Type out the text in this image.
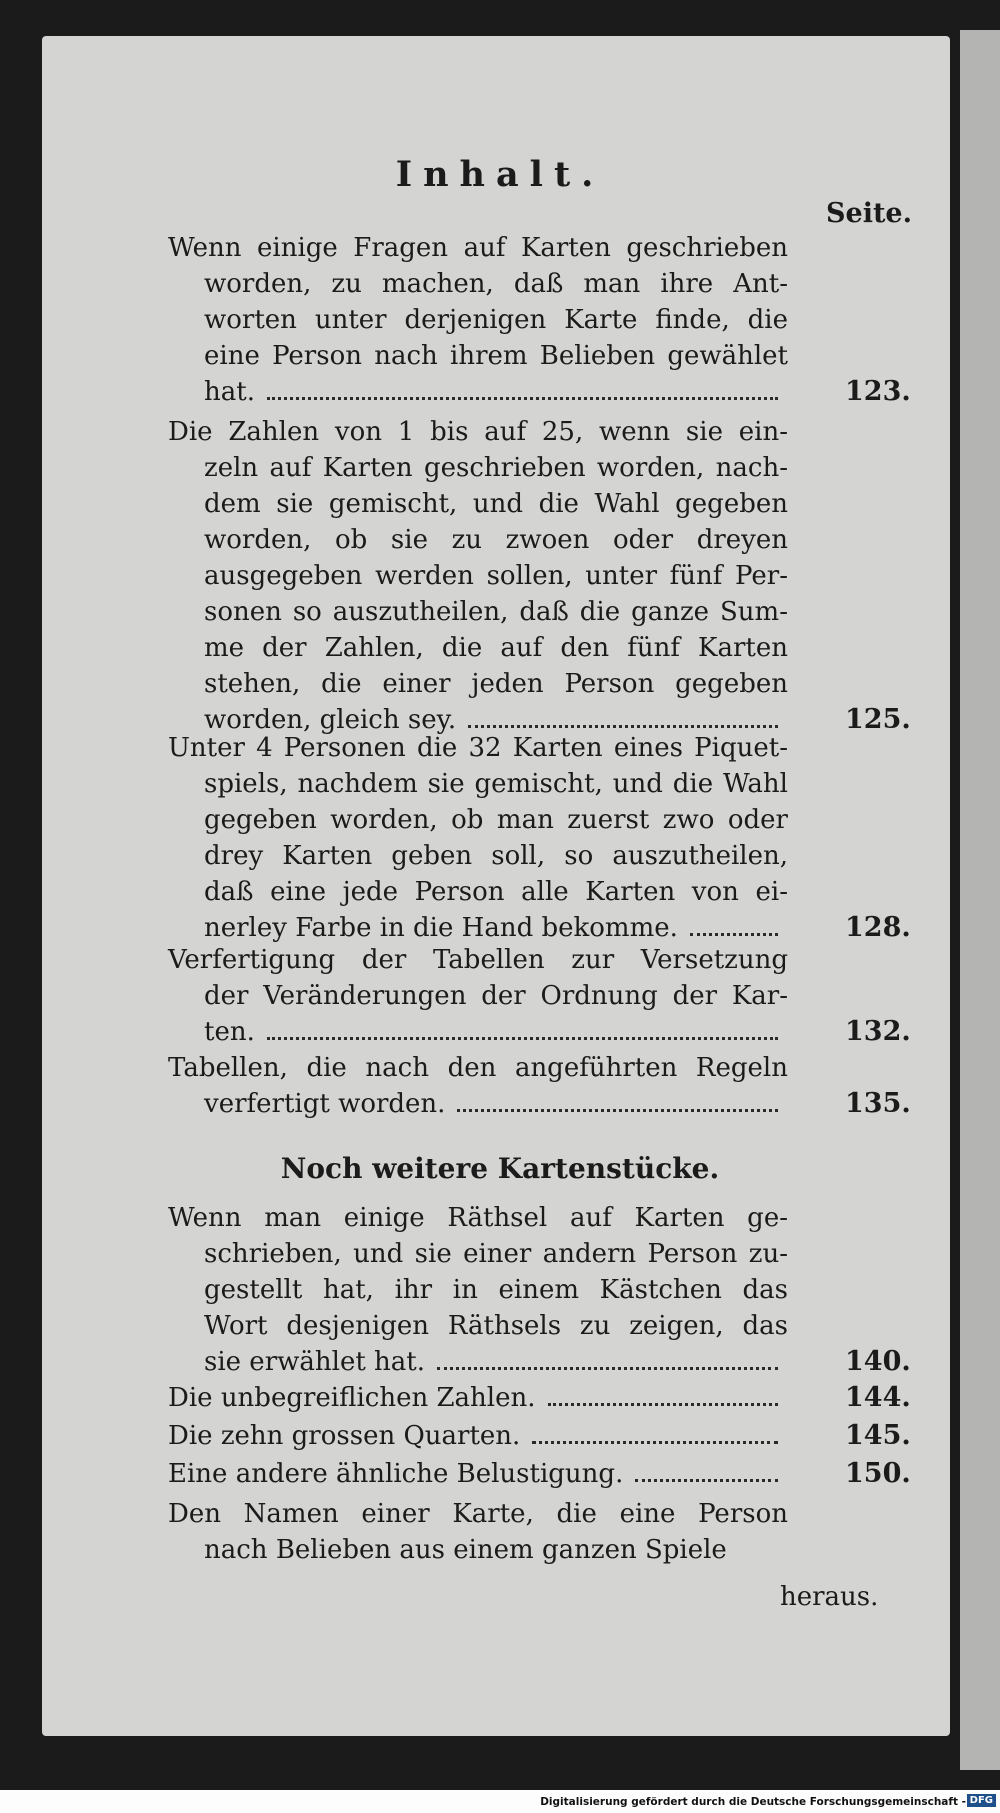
Inhalt.
Seite.
Wenn einige Fragen auf Karten geschrieben
worden, zu machen, daß man ihre Ant-
worten unter derjenigen Karte finde, die
eine Person nach ihrem Belieben gewählet
hat.	123.
Die Zahlen von 1 bis auf 25, wenn sie ein-
zeln auf Karten geschrieben worden, nach-
dem sie gemischt, und die Wahl gegeben
worden, ob sie zu zwoen oder dreyen
ausgegeben werden sollen, unter fünf Per-
sonen so auszutheilen, daß die ganze Sum-
me der Zahlen, die auf den fünf Karten
stehen, die einer jeden Person gegeben
worden, gleich sey.	125.
Unter 4 Personen die 32 Karten eines Piquet-
spiels, nachdem sie gemischt, und die Wahl
gegeben worden, ob man zuerst zwo oder
drey Karten geben soll, so auszutheilen,
daß eine jede Person alle Karten von ei-
nerley Farbe in die Hand bekomme.	128.
Verfertigung der Tabellen zur Versetzung
der Veränderungen der Ordnung der Kar-
ten.	132.
Tabellen, die nach den angeführten Regeln
verfertigt worden.	135.
Wenn man einige Räthsel auf Karten ge-
schrieben, und sie einer andern Person zu-
gestellt hat, ihr in einem Kästchen das
Wort desjenigen Räthsels zu zeigen, das
sie erwählet hat.	140.
Die unbegreiflichen Zahlen.	144.
Die zehn grossen Quarten.	145.
Eine andere ähnliche Belustigung.	150.
Den Namen einer Karte, die eine Person
nach Belieben aus einem ganzen Spiele
Noch weitere Kartenstücke.
heraus.
Digitalisierung gefördert durch die Deutsche Forschungsgemeinschaft - DFG
